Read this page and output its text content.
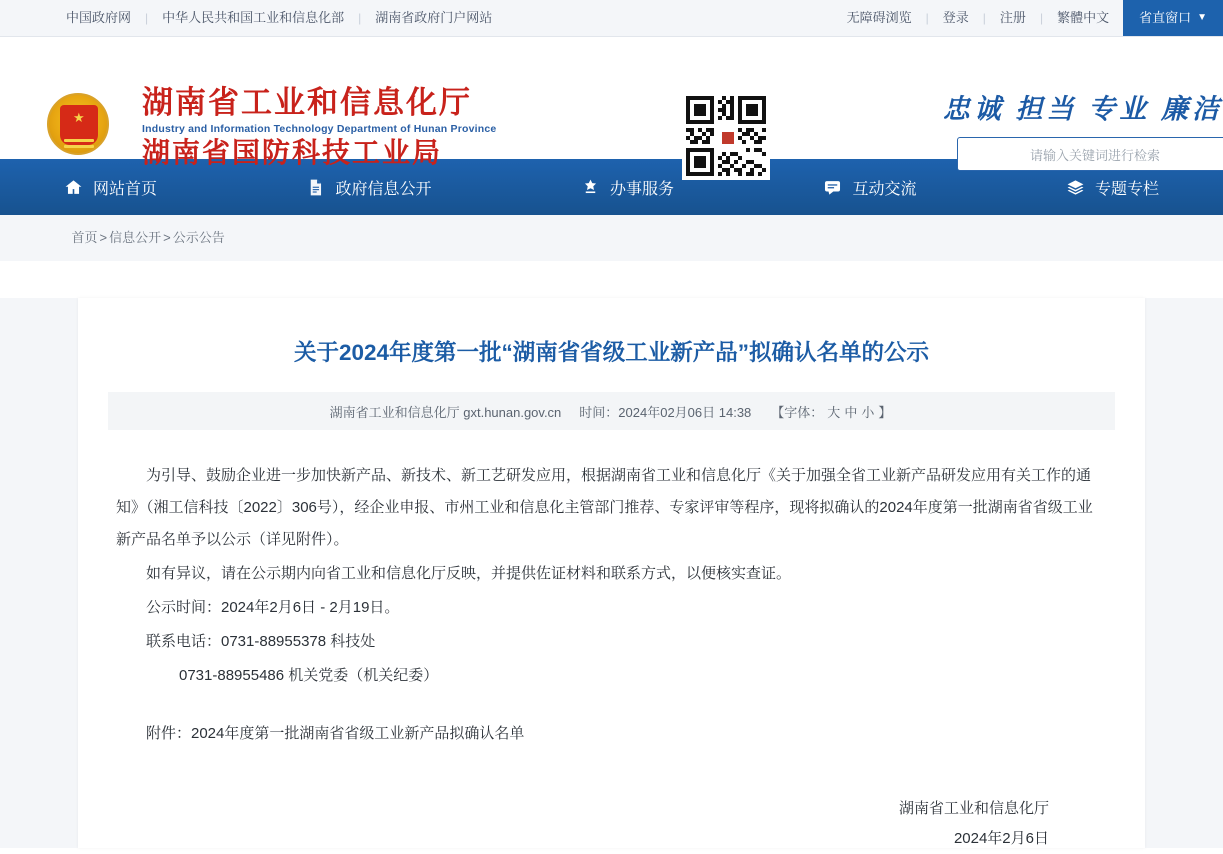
中国政府网	|	中华人民共和国工业和信息化部	|	湖南省政府门户网站	无障碍浏览	|	登录	|	注册	|	繁體中文	省直窗口 ▼
★ 湖南省工业和信息化厅
Industry and Information Technology Department of Hunan Province
湖南省国防科技工业局
忠诚 担当 专业 廉洁
请输入关键词进行检索
网站首页	政府信息公开	办事服务	互动交流	专题专栏
首页 > 信息公开 > 公示公告
关于2024年度第一批“湖南省省级工业新产品”拟确认名单的公示
湖南省工业和信息化厅 gxt.hunan.gov.cn 时间：2024年02月06日 14:38 【字体： 大 中 小 】

为引导、鼓励企业进一步加快新产品、新技术、新工艺研发应用，根据湖南省工业和信息化厅《关于加强全省工业新产品研发应用有关工作的通知》（湘工信科技〔2022〕306号），经企业申报、市州工业和信息化主管部门推荐、专家评审等程序，现将拟确认的2024年度第一批湖南省省级工业新产品名单予以公示（详见附件）。

如有异议，请在公示期内向省工业和信息化厅反映，并提供佐证材料和联系方式，以便核实查证。

公示时间：2024年2月6日 - 2月19日。

联系电话：0731-88955378 科技处

0731-88955486 机关党委（机关纪委）

附件：2024年度第一批湖南省省级工业新产品拟确认名单

湖南省工业和信息化厅
2024年2月6日
